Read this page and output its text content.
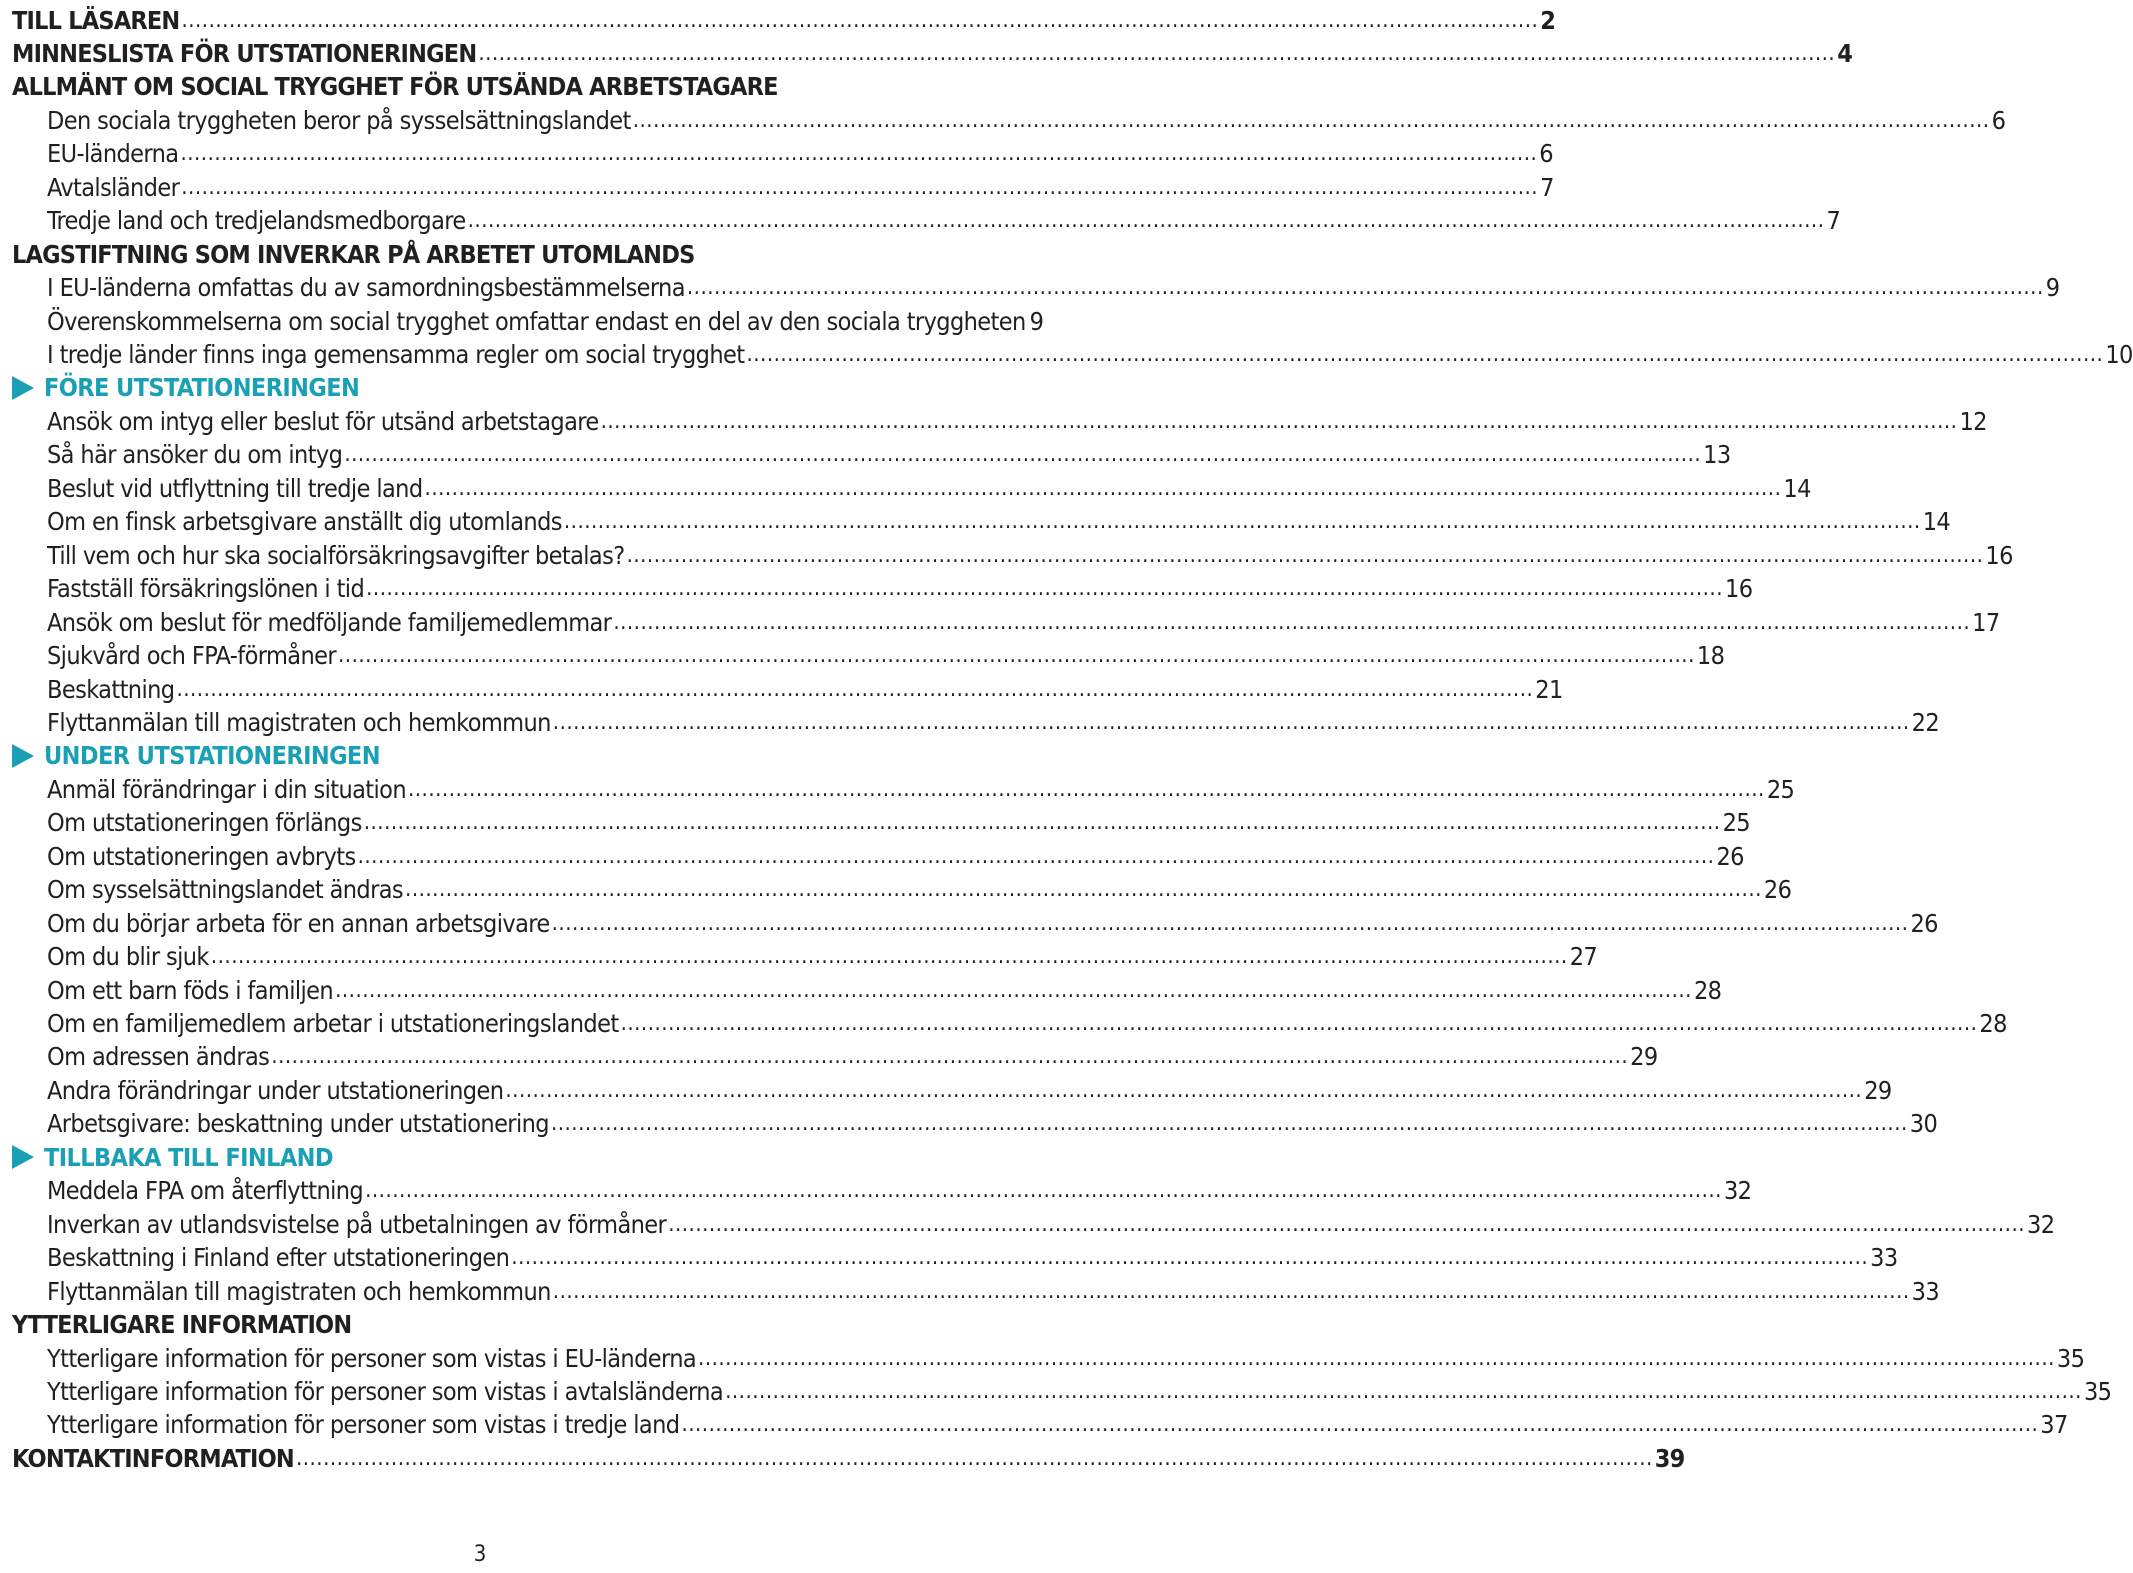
TILL LÄSAREN .....	2
MINNESLISTA FÖR UTSTATIONERINGEN .....	4
ALLMÄNT OM SOCIAL TRYGGHET FÖR UTSÄNDA ARBETSTAGARE
Den sociala tryggheten beror på sysselsättningslandet .....	6
EU-länderna .....	6
Avtalsländer .....	7
Tredje land och tredjelandsmedborgare .....	7
LAGSTIFTNING SOM INVERKAR PÅ ARBETET UTOMLANDS
I EU-länderna omfattas du av samordningsbestämmelserna .....	9
Överenskommelserna om social trygghet omfattar endast en del av den sociala tryggheten 9
I tredje länder finns inga gemensamma regler om social trygghet .....	10
FÖRE UTSTATIONERINGEN
Ansök om intyg eller beslut för utsänd arbetstagare .....	12
Så här ansöker du om intyg .....	13
Beslut vid utflyttning till tredje land .....	14
Om en finsk arbetsgivare anställt dig utomlands .....	14
Till vem och hur ska socialförsäkringsavgifter betalas? .....	16
Fastställ försäkringslönen i tid .....	16
Ansök om beslut för medföljande familjemedlemmar .....	17
Sjukvård och FPA-förmåner .....	18
Beskattning .....	21
Flyttanmälan till magistraten och hemkommun .....	22
UNDER UTSTATIONERINGEN
Anmäl förändringar i din situation .....	25
Om utstationeringen förlängs .....	25
Om utstationeringen avbryts .....	26
Om sysselsättningslandet ändras .....	26
Om du börjar arbeta för en annan arbetsgivare .....	26
Om du blir sjuk .....	27
Om ett barn föds i familjen .....	28
Om en familjemedlem arbetar i utstationeringslandet .....	28
Om adressen ändras .....	29
Andra förändringar under utstationeringen .....	29
Arbetsgivare: beskattning under utstationering .....	30
TILLBAKA TILL FINLAND
Meddela FPA om återflyttning .....	32
Inverkan av utlandsvistelse på utbetalningen av förmåner .....	32
Beskattning i Finland efter utstationeringen .....	33
Flyttanmälan till magistraten och hemkommun .....	33
YTTERLIGARE INFORMATION
Ytterligare information för personer som vistas i EU-länderna .....	35
Ytterligare information för personer som vistas i avtalsländerna .....	35
Ytterligare information för personer som vistas i tredje land .....	37
KONTAKTINFORMATION .....	39
3
